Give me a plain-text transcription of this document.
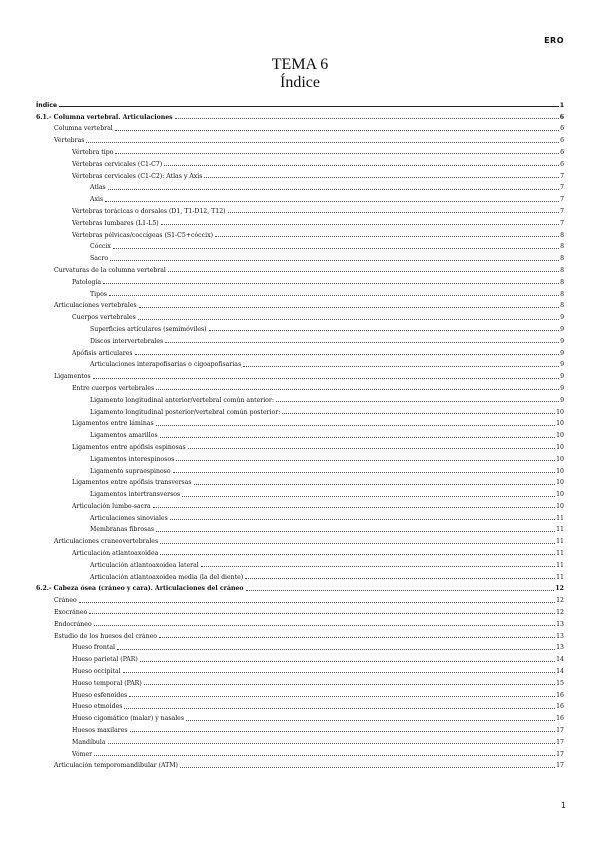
ERO
TEMA 6
Índice
Índice	1
6.1.- Columna vertebral. Articulaciones	6
Columna vertebral	6
Vértebras	6
Vértebra tipo	6
Vértebras cervicales (C1-C7)	6
Vértebras cervicales (C1-C2): Atlas y Axis	7
Atlas	7
Axis	7
Vértebras torácicas o dorsales (D1, T1-D12, T12)	7
Vértebras lumbares (L1-L5)	7
Vértebras pélvicas/coccígeas (S1-C5+cóccix)	8
Cóccix	8
Sacro	8
Curvaturas de la columna vertebral	8
Patología	8
Tipos	8
Articulaciones vertebrales	8
Cuerpos vertebrales	9
Superficies articulares (semimóviles)	9
Discos intervertebrales	9
Apófisis articulares	9
Articulaciones interapofisarias o cigoapofisarias	9
Ligamentos	9
Entre cuerpos vertebrales	9
Ligamento longitudinal anterior/vertebral común anterior:	9
Ligamento longitudinal posterior/vertebral común posterior:	10
Ligamentos entre láminas	10
Ligamentos amarillos	10
Ligamentos entre apófisis espinosas	10
Ligamentos interespinosos	10
Ligamento supraespinoso	10
Ligamentos entre apófisis transversas	10
Ligamentos intertransversos	10
Articulación lumbo-sacra	10
Articulaciones sinoviales	11
Membranas fibrosas	11
Articulaciones craneovertebrales	11
Articulación atlantoaxoidea	11
Articulación atlantoaxoidea lateral	11
Articulación atlantoaxoidea media (la del diente)	11
6.2.- Cabeza ósea (cráneo y cara). Articulaciones del cráneo	12
Cráneo	12
Exocráneo	12
Endocráneo	13
Estudio de los huesos del cráneo	13
Hueso frontal	13
Hueso parietal (PAR)	14
Hueso occipital	14
Hueso temporal (PAR)	15
Hueso esfenoides	16
Hueso etmoides	16
Hueso cigomático (malar) y nasales	16
Huesos maxilares	17
Mandíbula	17
Vómer	17
Articulación temporomandibular (ATM)	17
1
